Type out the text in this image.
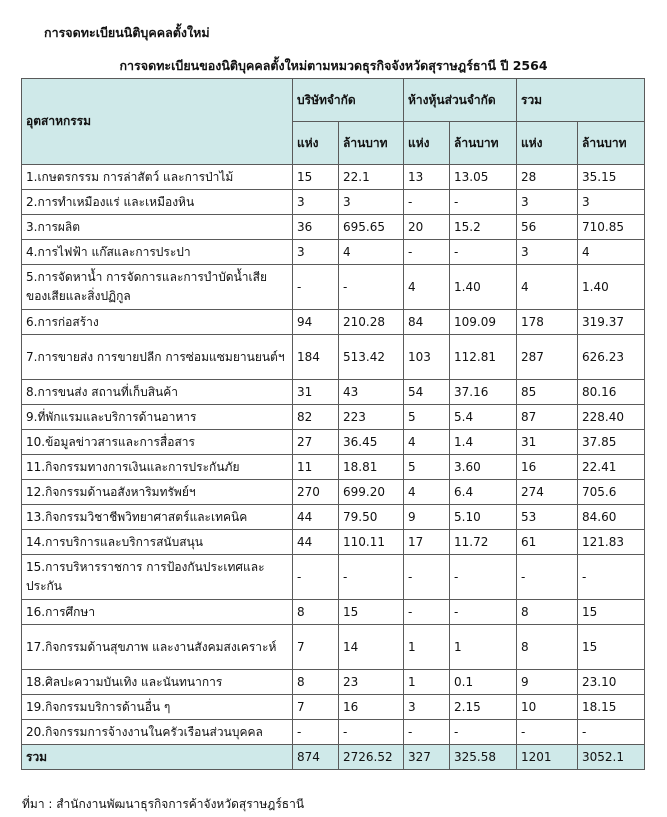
การจดทะเบียนนิติบุคคลตั้งใหม่
การจดทะเบียนของนิติบุคคลตั้งใหม่ตามหมวดธุรกิจจังหวัดสุราษฎร์ธานี ปี 2564
อุตสาหกรรม	บริษัทจำกัด		ห้างหุ้นส่วนจำกัด		รวม	
	แห่ง	ล้านบาท	แห่ง	ล้านบาท	แห่ง	ล้านบาท
1.เกษตรกรรม การล่าสัตว์ และการป่าไม้	15	22.1	13	13.05	28	35.15
2.การทำเหมืองแร่ และเหมืองหิน	3	3	-	-	3	3
3.การผลิต	36	695.65	20	15.2	56	710.85
4.การไฟฟ้า แก๊สและการประปา	3	4	-	-	3	4
5.การจัดหาน้ำ การจัดการและการบำบัดน้ำเสียของเสียและสิ่งปฏิกูล	-	-	4	1.40	4	1.40
6.การก่อสร้าง	94	210.28	84	109.09	178	319.37
7.การขายส่ง การขายปลีก การซ่อมแซมยานยนต์ฯ	184	513.42	103	112.81	287	626.23
8.การขนส่ง สถานที่เก็บสินค้า	31	43	54	37.16	85	80.16
9.ที่พักแรมและบริการด้านอาหาร	82	223	5	5.4	87	228.40
10.ข้อมูลข่าวสารและการสื่อสาร	27	36.45	4	1.4	31	37.85
11.กิจกรรมทางการเงินและการประกันภัย	11	18.81	5	3.60	16	22.41
12.กิจกรรมด้านอสังหาริมทรัพย์ฯ	270	699.20	4	6.4	274	705.6
13.กิจกรรมวิชาชีพวิทยาศาสตร์และเทคนิค	44	79.50	9	5.10	53	84.60
14.การบริการและบริการสนับสนุน	44	110.11	17	11.72	61	121.83
15.การบริหารราชการ การป้องกันประเทศและประกัน	-	-	-	-	-	-
16.การศึกษา	8	15	-	-	8	15
17.กิจกรรมด้านสุขภาพ และงานสังคมสงเคราะห์	7	14	1	1	8	15
18.ศิลปะความบันเทิง และนันทนาการ	8	23	1	0.1	9	23.10
19.กิจกรรมบริการด้านอื่น ๆ	7	16	3	2.15	10	18.15
20.กิจกรรมการจ้างงานในครัวเรือนส่วนบุคคล	-	-	-	-	-	-
รวม	874	2726.52	327	325.58	1201	3052.1
ที่มา : สำนักงานพัฒนาธุรกิจการค้าจังหวัดสุราษฎร์ธานี
